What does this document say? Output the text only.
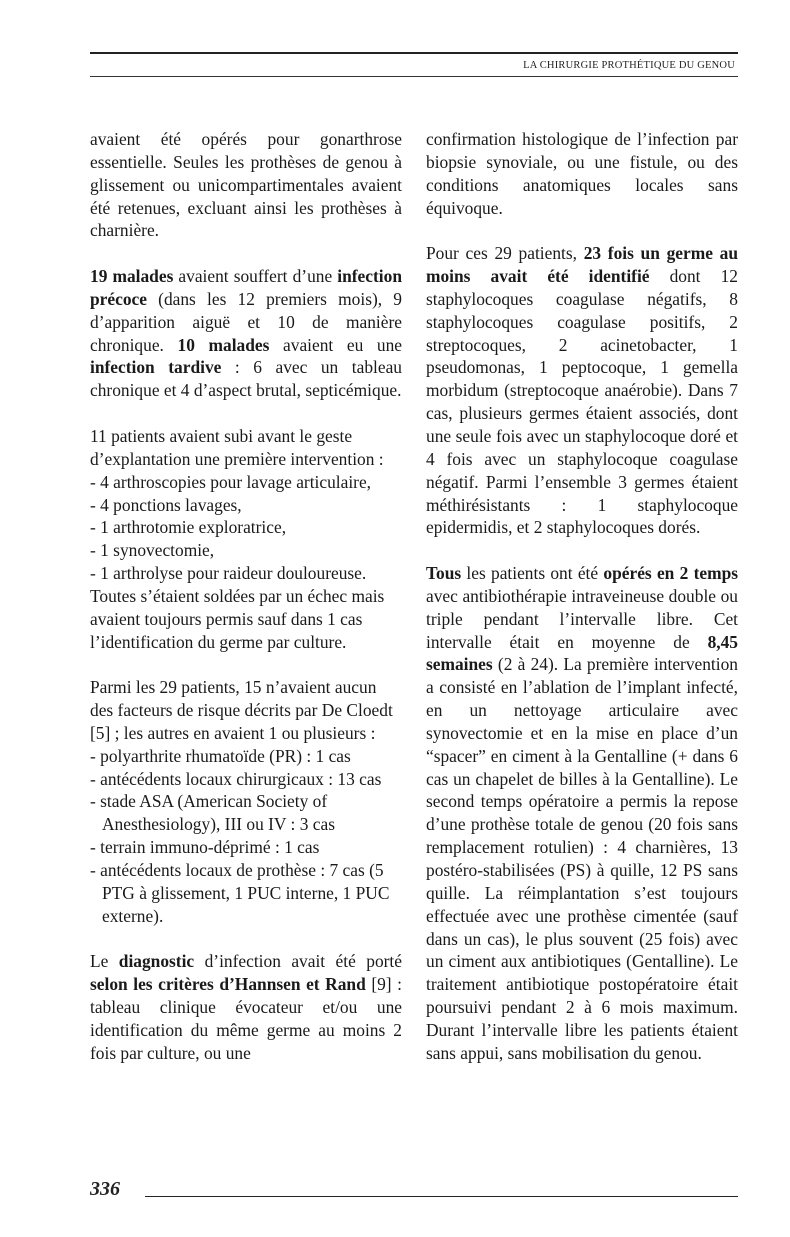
LA CHIRURGIE PROTHÉTIQUE DU GENOU

avaient été opérés pour gonarthrose essentielle. Seules les prothèses de genou à glissement ou unicompartimentales avaient été retenues, excluant ainsi les prothèses à charnière.

19 malades avaient souffert d’une infection précoce (dans les 12 premiers mois), 9 d’apparition aiguë et 10 de manière chronique. 10 malades avaient eu une infection tardive : 6 avec un tableau chronique et 4 d’aspect brutal, septicémique.

11 patients avaient subi avant le geste d’explantation une première intervention :
- 4 arthroscopies pour lavage articulaire,
- 4 ponctions lavages,
- 1 arthrotomie exploratrice,
- 1 synovectomie,
- 1 arthrolyse pour raideur douloureuse.
Toutes s’étaient soldées par un échec mais avaient toujours permis sauf dans 1 cas l’identification du germe par culture.

Parmi les 29 patients, 15 n’avaient aucun des facteurs de risque décrits par De Cloedt [5] ; les autres en avaient 1 ou plusieurs :
- polyarthrite rhumatoïde (PR) : 1 cas
- antécédents locaux chirurgicaux : 13 cas
- stade ASA (American Society of Anesthesiology), III ou IV : 3 cas
- terrain immuno-déprimé : 1 cas
- antécédents locaux de prothèse : 7 cas (5 PTG à glissement, 1 PUC interne, 1 PUC externe).

Le diagnostic d’infection avait été porté selon les critères d’Hannsen et Rand [9] : tableau clinique évocateur et/ou une identification du même germe au moins 2 fois par culture, ou une

confirmation histologique de l’infection par biopsie synoviale, ou une fistule, ou des conditions anatomiques locales sans équivoque.

Pour ces 29 patients, 23 fois un germe au moins avait été identifié dont 12 staphylocoques coagulase négatifs, 8 staphylocoques coagulase positifs, 2 streptocoques, 2 acinetobacter, 1 pseudomonas, 1 peptocoque, 1 gemella morbidum (streptocoque anaérobie). Dans 7 cas, plusieurs germes étaient associés, dont une seule fois avec un staphylocoque doré et 4 fois avec un staphylocoque coagulase négatif. Parmi l’ensemble 3 germes étaient méthirésistants : 1 staphylocoque epidermidis, et 2 staphylocoques dorés.

Tous les patients ont été opérés en 2 temps avec antibiothérapie intraveineuse double ou triple pendant l’intervalle libre. Cet intervalle était en moyenne de 8,45 semaines (2 à 24). La première intervention a consisté en l’ablation de l’implant infecté, en un nettoyage articulaire avec synovectomie et en la mise en place d’un “spacer” en ciment à la Gentalline (+ dans 6 cas un chapelet de billes à la Gentalline). Le second temps opératoire a permis la repose d’une prothèse totale de genou (20 fois sans remplacement rotulien) : 4 charnières, 13 postéro-stabilisées (PS) à quille, 12 PS sans quille. La réimplantation s’est toujours effectuée avec une prothèse cimentée (sauf dans un cas), le plus souvent (25 fois) avec un ciment aux antibiotiques (Gentalline). Le traitement antibiotique postopératoire était poursuivi pendant 2 à 6 mois maximum. Durant l’intervalle libre les patients étaient sans appui, sans mobilisation du genou.

336
